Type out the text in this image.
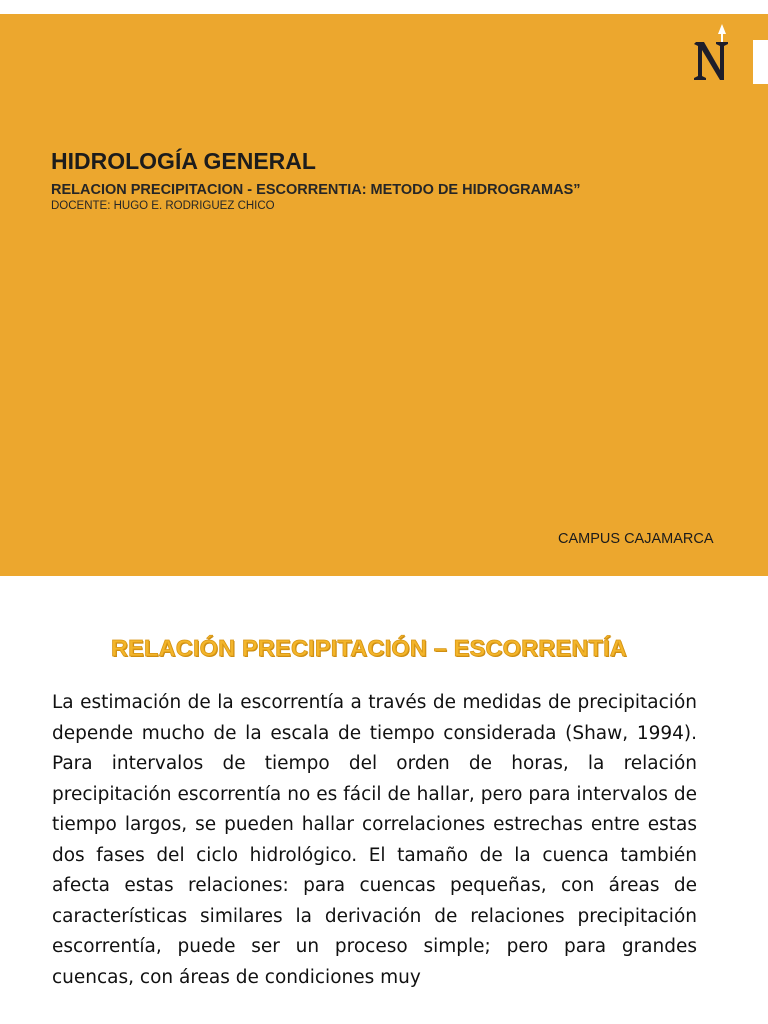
HIDROLOGÍA GENERAL
RELACION PRECIPITACION - ESCORRENTIA: METODO DE HIDROGRAMAS”
DOCENTE: HUGO E. RODRIGUEZ CHICO
CAMPUS CAJAMARCA
RELACIÓN PRECIPITACIÓN – ESCORRENTÍA

La estimación de la escorrentía a través de medidas de precipitación depende mucho de la escala de tiempo considerada (Shaw, 1994). Para intervalos de tiempo del orden de horas, la relación precipitación escorrentía no es fácil de hallar, pero para intervalos de tiempo largos, se pueden hallar correlaciones estrechas entre estas dos fases del ciclo hidrológico. El tamaño de la cuenca también afecta estas relaciones: para cuencas pequeñas, con áreas de características similares la derivación de relaciones precipitación escorrentía, puede ser un proceso simple; pero para grandes cuencas, con áreas de condiciones muy
